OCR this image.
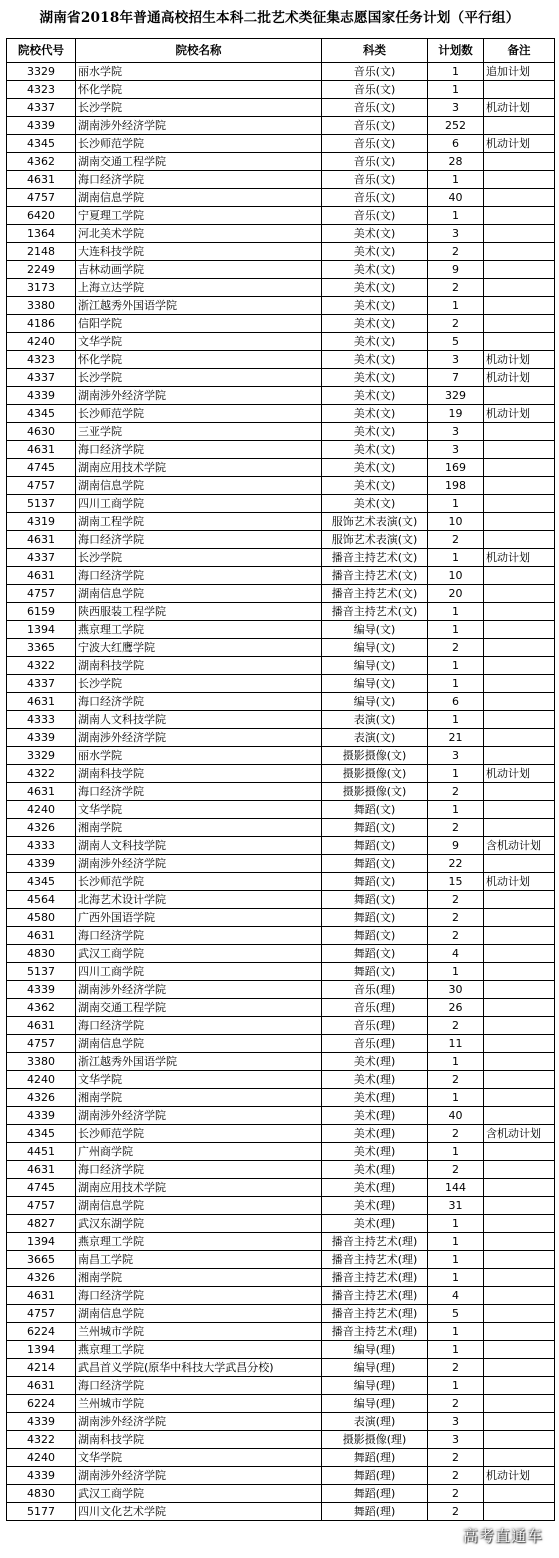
湖南省2018年普通高校招生本科二批艺术类征集志愿国家任务计划（平行组）
院校代号	院校名称	科类	计划数	备注
3329	丽水学院	音乐(文)	1	追加计划
4323	怀化学院	音乐(文)	1	
4337	长沙学院	音乐(文)	3	机动计划
4339	湖南涉外经济学院	音乐(文)	252	
4345	长沙师范学院	音乐(文)	6	机动计划
4362	湖南交通工程学院	音乐(文)	28	
4631	海口经济学院	音乐(文)	1	
4757	湖南信息学院	音乐(文)	40	
6420	宁夏理工学院	音乐(文)	1	
1364	河北美术学院	美术(文)	3	
2148	大连科技学院	美术(文)	2	
2249	吉林动画学院	美术(文)	9	
3173	上海立达学院	美术(文)	2	
3380	浙江越秀外国语学院	美术(文)	1	
4186	信阳学院	美术(文)	2	
4240	文华学院	美术(文)	5	
4323	怀化学院	美术(文)	3	机动计划
4337	长沙学院	美术(文)	7	机动计划
4339	湖南涉外经济学院	美术(文)	329	
4345	长沙师范学院	美术(文)	19	机动计划
4630	三亚学院	美术(文)	3	
4631	海口经济学院	美术(文)	3	
4745	湖南应用技术学院	美术(文)	169	
4757	湖南信息学院	美术(文)	198	
5137	四川工商学院	美术(文)	1	
4319	湖南工程学院	服饰艺术表演(文)	10	
4631	海口经济学院	服饰艺术表演(文)	2	
4337	长沙学院	播音主持艺术(文)	1	机动计划
4631	海口经济学院	播音主持艺术(文)	10	
4757	湖南信息学院	播音主持艺术(文)	20	
6159	陕西服装工程学院	播音主持艺术(文)	1	
1394	燕京理工学院	编导(文)	1	
3365	宁波大红鹰学院	编导(文)	2	
4322	湖南科技学院	编导(文)	1	
4337	长沙学院	编导(文)	1	
4631	海口经济学院	编导(文)	6	
4333	湖南人文科技学院	表演(文)	1	
4339	湖南涉外经济学院	表演(文)	21	
3329	丽水学院	摄影摄像(文)	3	
4322	湖南科技学院	摄影摄像(文)	1	机动计划
4631	海口经济学院	摄影摄像(文)	2	
4240	文华学院	舞蹈(文)	1	
4326	湘南学院	舞蹈(文)	2	
4333	湖南人文科技学院	舞蹈(文)	9	含机动计划
4339	湖南涉外经济学院	舞蹈(文)	22	
4345	长沙师范学院	舞蹈(文)	15	机动计划
4564	北海艺术设计学院	舞蹈(文)	2	
4580	广西外国语学院	舞蹈(文)	2	
4631	海口经济学院	舞蹈(文)	2	
4830	武汉工商学院	舞蹈(文)	4	
5137	四川工商学院	舞蹈(文)	1	
4339	湖南涉外经济学院	音乐(理)	30	
4362	湖南交通工程学院	音乐(理)	26	
4631	海口经济学院	音乐(理)	2	
4757	湖南信息学院	音乐(理)	11	
3380	浙江越秀外国语学院	美术(理)	1	
4240	文华学院	美术(理)	2	
4326	湘南学院	美术(理)	1	
4339	湖南涉外经济学院	美术(理)	40	
4345	长沙师范学院	美术(理)	2	含机动计划
4451	广州商学院	美术(理)	1	
4631	海口经济学院	美术(理)	2	
4745	湖南应用技术学院	美术(理)	144	
4757	湖南信息学院	美术(理)	31	
4827	武汉东湖学院	美术(理)	1	
1394	燕京理工学院	播音主持艺术(理)	1	
3665	南昌工学院	播音主持艺术(理)	1	
4326	湘南学院	播音主持艺术(理)	1	
4631	海口经济学院	播音主持艺术(理)	4	
4757	湖南信息学院	播音主持艺术(理)	5	
6224	兰州城市学院	播音主持艺术(理)	1	
1394	燕京理工学院	编导(理)	1	
4214	武昌首义学院(原华中科技大学武昌分校)	编导(理)	2	
4631	海口经济学院	编导(理)	1	
6224	兰州城市学院	编导(理)	2	
4339	湖南涉外经济学院	表演(理)	3	
4322	湖南科技学院	摄影摄像(理)	3	
4240	文华学院	舞蹈(理)	2	
4339	湖南涉外经济学院	舞蹈(理)	2	机动计划
4830	武汉工商学院	舞蹈(理)	2	
5177	四川文化艺术学院	舞蹈(理)	2	
高考直通车
